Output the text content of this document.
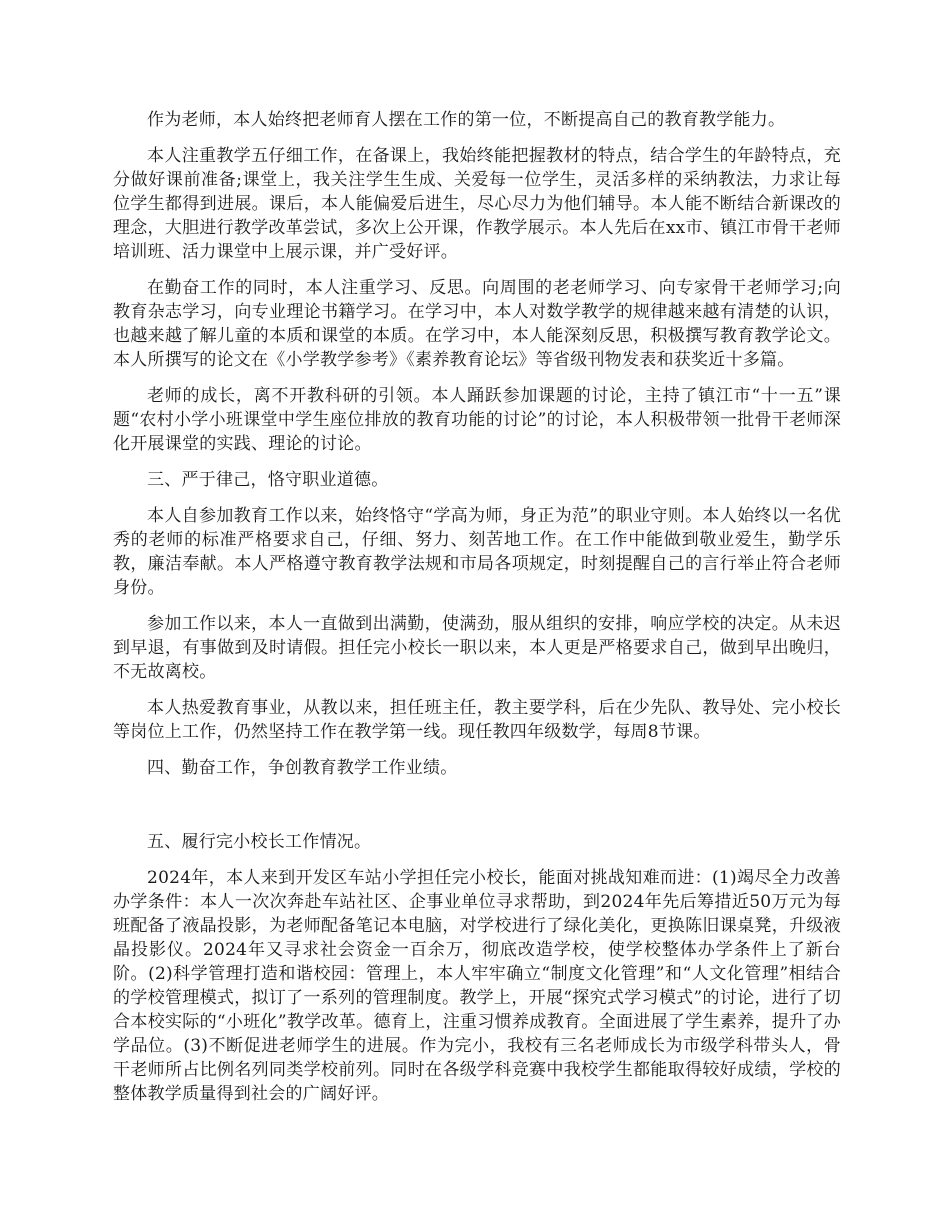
作为老师，本人始终把老师育人摆在工作的第一位，不断提高自己的教育教学能力。

本人注重教学五仔细工作，在备课上，我始终能把握教材的特点，结合学生的年龄特点，充分做好课前准备;课堂上，我关注学生生成、关爱每一位学生，灵活多样的采纳教法，力求让每位学生都得到进展。课后，本人能偏爱后进生，尽心尽力为他们辅导。本人能不断结合新课改的理念，大胆进行教学改革尝试，多次上公开课，作教学展示。本人先后在xx市、镇江市骨干老师培训班、活力课堂中上展示课，并广受好评。

在勤奋工作的同时，本人注重学习、反思。向周围的老老师学习、向专家骨干老师学习;向教育杂志学习，向专业理论书籍学习。在学习中，本人对数学教学的规律越来越有清楚的认识，也越来越了解儿童的本质和课堂的本质。在学习中，本人能深刻反思，积极撰写教育教学论文。本人所撰写的论文在《小学教学参考》《素养教育论坛》等省级刊物发表和获奖近十多篇。

老师的成长，离不开教科研的引领。本人踊跃参加课题的讨论，主持了镇江市“十一五”课题“农村小学小班课堂中学生座位排放的教育功能的讨论”的讨论，本人积极带领一批骨干老师深化开展课堂的实践、理论的讨论。

三、严于律己，恪守职业道德。

本人自参加教育工作以来，始终恪守“学高为师，身正为范”的职业守则。本人始终以一名优秀的老师的标准严格要求自己，仔细、努力、刻苦地工作。在工作中能做到敬业爱生，勤学乐教，廉洁奉献。本人严格遵守教育教学法规和市局各项规定，时刻提醒自己的言行举止符合老师身份。

参加工作以来，本人一直做到出满勤，使满劲，服从组织的安排，响应学校的决定。从未迟到早退，有事做到及时请假。担任完小校长一职以来，本人更是严格要求自己，做到早出晚归，不无故离校。

本人热爱教育事业，从教以来，担任班主任，教主要学科，后在少先队、教导处、完小校长等岗位上工作，仍然坚持工作在教学第一线。现任教四年级数学，每周8节课。

四、勤奋工作，争创教育教学工作业绩。

五、履行完小校长工作情况。

2024年，本人来到开发区车站小学担任完小校长，能面对挑战知难而进：(1)竭尽全力改善办学条件：本人一次次奔赴车站社区、企事业单位寻求帮助，到2024年先后筹措近50万元为每班配备了液晶投影，为老师配备笔记本电脑，对学校进行了绿化美化，更换陈旧课桌凳，升级液晶投影仪。2024年又寻求社会资金一百余万，彻底改造学校，使学校整体办学条件上了新台阶。(2)科学管理打造和谐校园：管理上，本人牢牢确立“制度文化管理”和“人文化管理”相结合的学校管理模式，拟订了一系列的管理制度。教学上，开展“探究式学习模式”的讨论，进行了切合本校实际的“小班化”教学改革。德育上，注重习惯养成教育。全面进展了学生素养，提升了办学品位。(3)不断促进老师学生的进展。作为完小，我校有三名老师成长为市级学科带头人，骨干老师所占比例名列同类学校前列。同时在各级学科竞赛中我校学生都能取得较好成绩，学校的整体教学质量得到社会的广阔好评。
